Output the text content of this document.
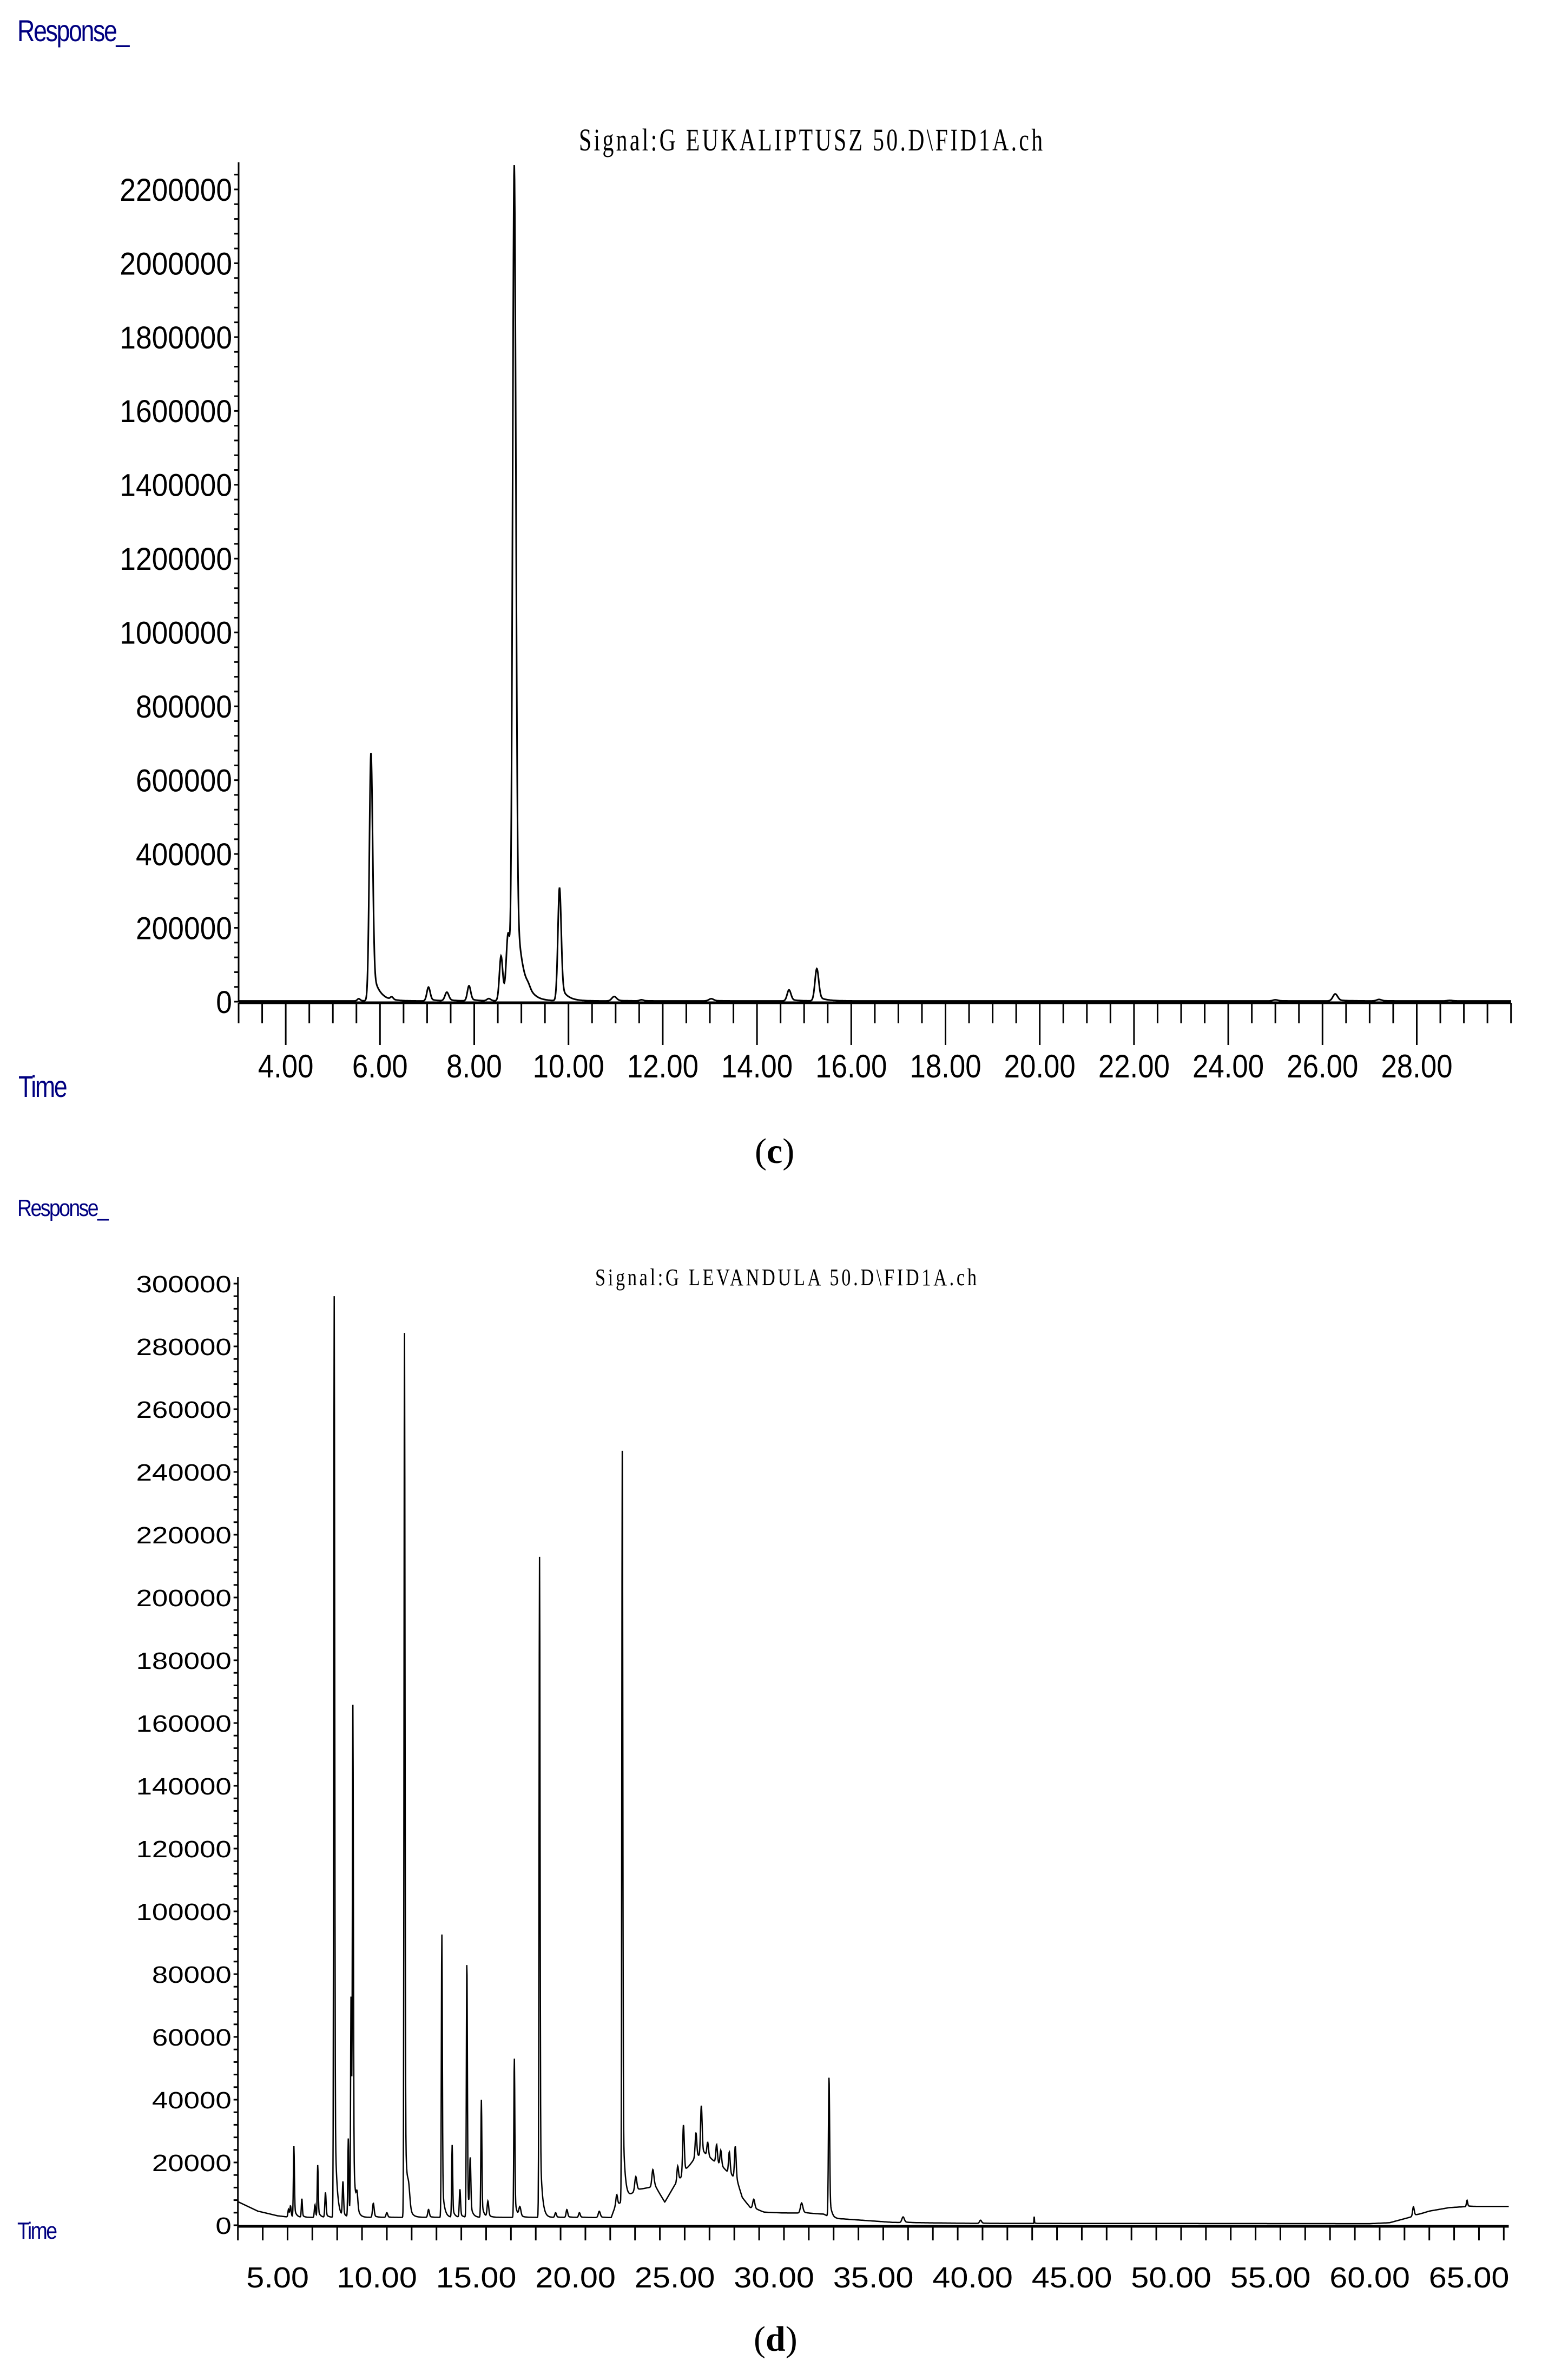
Response_
Signal:G EUKALIPTUSZ 50.D\FID1A.ch
2200000
2000000
1800000
1600000
1400000
1200000
1000000
800000
600000
400000
200000
0
4.00 6.00 8.00 10.00 12.00 14.00 16.00 18.00 20.00 22.00 24.00 26.00 28.00
Time
(c)
Response_
Signal:G LEVANDULA 50.D\FID1A.ch
300000
280000
260000
240000
220000
200000
180000
160000
140000
120000
100000
80000
60000
40000
20000
0
5.00 10.00 15.00 20.00 25.00 30.00 35.00 40.00 45.00 50.00 55.00 60.00 65.00
Time
(d)
